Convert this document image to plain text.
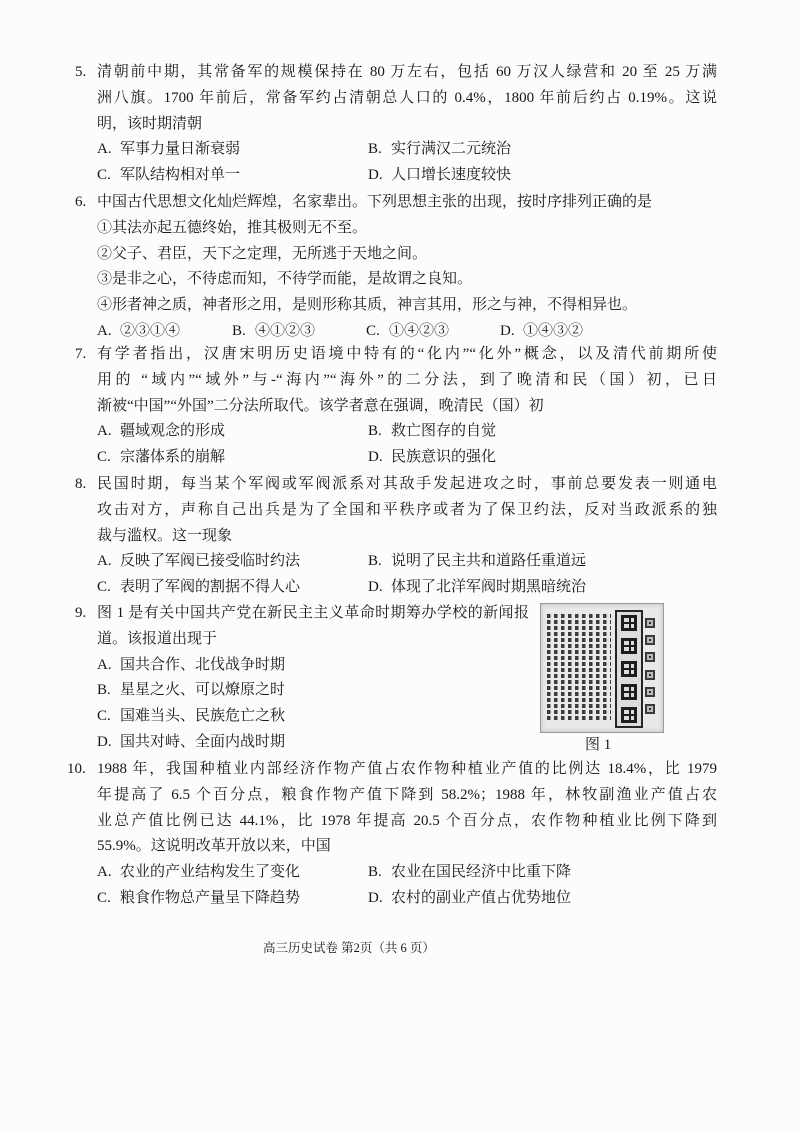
5. 清朝前中期，其常备军的规模保持在 80 万左右，包括 60 万汉人绿营和 20 至 25 万满
洲八旗。1700 年前后，常备军约占清朝总人口的 0.4%，1800 年前后约占 0.19%。这说
明，该时期清朝
A. 军事力量日渐衰弱	B. 实行满汉二元统治
C. 军队结构相对单一	D. 人口增长速度较快
6. 中国古代思想文化灿烂辉煌，名家辈出。下列思想主张的出现，按时序排列正确的是
①其法亦起五德终始，推其极则无不至。
②父子、君臣，天下之定理，无所逃于天地之间。
③是非之心，不待虑而知，不待学而能，是故谓之良知。
④形者神之质，神者形之用，是则形称其质，神言其用，形之与神，不得相异也。
A. ②③①④	B. ④①②③	C. ①④②③	D. ①④③②
7. 有学者指出，汉唐宋明历史语境中特有的“化内”“化外”概念，以及清代前期所使
用的 “域内”“域外”与-“海内”“海外”的二分法，到了晚清和民（国）初，已日
渐被“中国”“外国”二分法所取代。该学者意在强调，晚清民（国）初
A. 疆域观念的形成	B. 救亡图存的自觉
C. 宗藩体系的崩解	D. 民族意识的强化
8. 民国时期，每当某个军阀或军阀派系对其敌手发起进攻之时，事前总要发表一则通电
攻击对方，声称自己出兵是为了全国和平秩序或者为了保卫约法，反对当政派系的独
裁与滥权。这一现象
A. 反映了军阀已接受临时约法	B. 说明了民主共和道路任重道远
C. 表明了军阀的割据不得人心	D. 体现了北洋军阀时期黑暗统治
9. 图 1 是有关中国共产党在新民主主义革命时期筹办学校的新闻报
道。该报道出现于
A. 国共合作、北伐战争时期
B. 星星之火、可以燎原之时
C. 国难当头、民族危亡之秋
D. 国共对峙、全面内战时期	图 1
10. 1988 年，我国种植业内部经济作物产值占农作物种植业产值的比例达 18.4%，比 1979
年提高了 6.5 个百分点，粮食作物产值下降到 58.2%；1988 年，林牧副渔业产值占农
业总产值比例已达 44.1%，比 1978 年提高 20.5 个百分点，农作物种植业比例下降到
55.9%。这说明改革开放以来，中国
A. 农业的产业结构发生了变化	B. 农业在国民经济中比重下降
C. 粮食作物总产量呈下降趋势	D. 农村的副业产值占优势地位
高三历史试卷 第2页（共 6 页）
